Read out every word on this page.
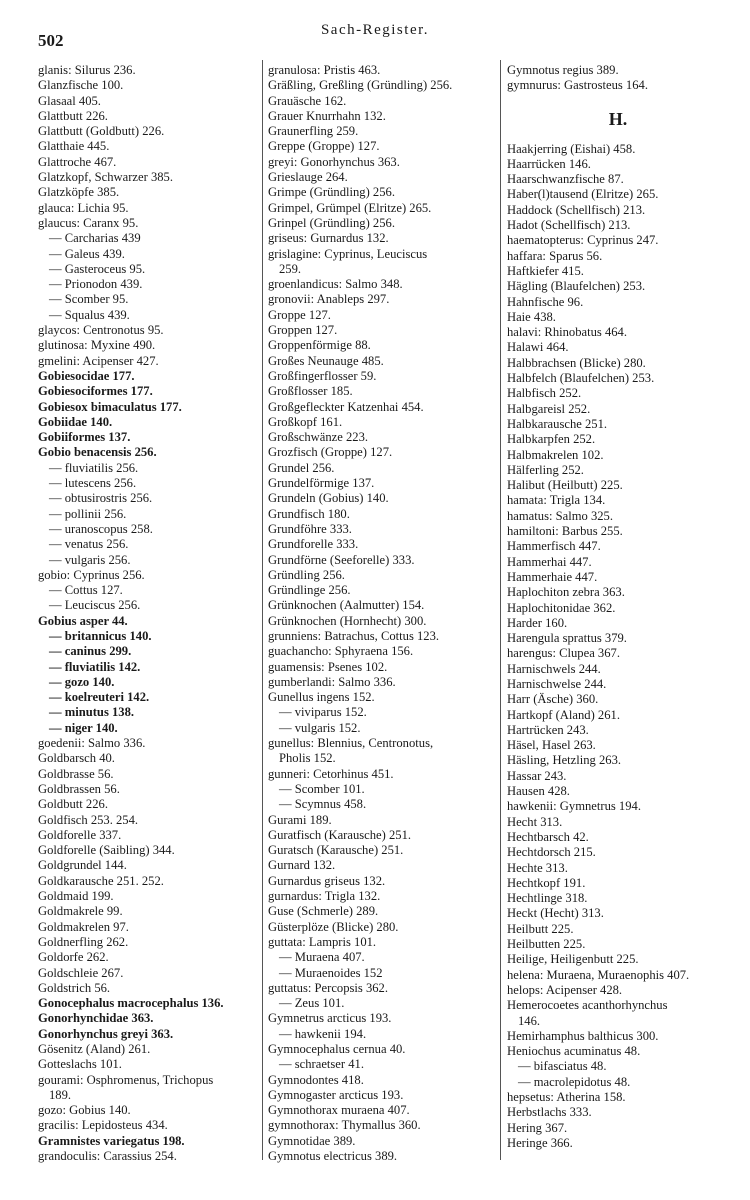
502
Sach-Register.
glanis: Silurus 236.
Glanzfische 100.
Glasaal 405.
Glattbutt 226.
Glattbutt (Goldbutt) 226.
Glatthaie 445.
Glattroche 467.
Glatzkopf, Schwarzer 385.
Glatzköpfe 385.
glauca: Lichia 95.
glaucus: Caranx 95.
— Carcharias 439
— Galeus 439.
— Gasteroceus 95.
— Prionodon 439.
— Scomber 95.
— Squalus 439.
glaycos: Centronotus 95.
glutinosa: Myxine 490.
gmelini: Acipenser 427.
Gobiesocidae 177.
Gobiesociformes 177.
Gobiesox bimaculatus 177.
Gobiidae 140.
Gobiiformes 137.
Gobio benacensis 256.
— fluviatilis 256.
— lutescens 256.
— obtusirostris 256.
— pollinii 256.
— uranoscopus 258.
— venatus 256.
— vulgaris 256.
gobio: Cyprinus 256.
— Cottus 127.
— Leuciscus 256.
Gobius asper 44.
— britannicus 140.
— caninus 299.
— fluviatilis 142.
— gozo 140.
— koelreuteri 142.
— minutus 138.
— niger 140.
goedenii: Salmo 336.
Goldbarsch 40.
Goldbrasse 56.
Goldbrassen 56.
Goldbutt 226.
Goldfisch 253. 254.
Goldforelle 337.
Goldforelle (Saibling) 344.
Goldgrundel 144.
Goldkarausche 251. 252.
Goldmaid 199.
Goldmakrele 99.
Goldmakrelen 97.
Goldnerfling 262.
Goldorfe 262.
Goldschleie 267.
Goldstrich 56.
Gonocephalus macrocephalus 136.
Gonorhynchidae 363.
Gonorhynchus greyi 363.
Gösenitz (Aland) 261.
Gotteslachs 101.
gourami: Osphromenus, Trichopus
189.
gozo: Gobius 140.
gracilis: Lepidosteus 434.
Gramnistes variegatus 198.
grandoculis: Carassius 254.
granulosa: Pristis 463.
Gräßling, Greßling (Gründling) 256.
Grauäsche 162.
Grauer Knurrhahn 132.
Graunerfling 259.
Greppe (Groppe) 127.
greyi: Gonorhynchus 363.
Grieslauge 264.
Grimpe (Gründling) 256.
Grimpel, Grümpel (Elritze) 265.
Grinpel (Gründling) 256.
griseus: Gurnardus 132.
grislagine: Cyprinus, Leuciscus
259.
groenlandicus: Salmo 348.
gronovii: Anableps 297.
Groppe 127.
Groppen 127.
Groppenförmige 88.
Großes Neunauge 485.
Großfingerflosser 59.
Großflosser 185.
Großgefleckter Katzenhai 454.
Großkopf 161.
Großschwänze 223.
Grozfisch (Groppe) 127.
Grundel 256.
Grundelförmige 137.
Grundeln (Gobius) 140.
Grundfisch 180.
Grundföhre 333.
Grundforelle 333.
Grundförne (Seeforelle) 333.
Gründling 256.
Gründlinge 256.
Grünknochen (Aalmutter) 154.
Grünknochen (Hornhecht) 300.
grunniens: Batrachus, Cottus 123.
guachancho: Sphyraena 156.
guamensis: Psenes 102.
gumberlandi: Salmo 336.
Gunellus ingens 152.
— viviparus 152.
— vulgaris 152.
gunellus: Blennius, Centronotus,
Pholis 152.
gunneri: Cetorhinus 451.
— Scomber 101.
— Scymnus 458.
Gurami 189.
Guratfisch (Karausche) 251.
Guratsch (Karausche) 251.
Gurnard 132.
Gurnardus griseus 132.
gurnardus: Trigla 132.
Guse (Schmerle) 289.
Güsterplöze (Blicke) 280.
guttata: Lampris 101.
— Muraena 407.
— Muraenoides 152
guttatus: Percopsis 362.
— Zeus 101.
Gymnetrus arcticus 193.
— hawkenii 194.
Gymnocephalus cernua 40.
— schraetser 41.
Gymnodontes 418.
Gymnogaster arcticus 193.
Gymnothorax muraena 407.
gymnothorax: Thymallus 360.
Gymnotidae 389.
Gymnotus electricus 389.
Gymnotus regius 389.
gymnurus: Gastrosteus 164.
H.
Haakjerring (Eishai) 458.
Haarrücken 146.
Haarschwanzfische 87.
Haber(l)tausend (Elritze) 265.
Haddock (Schellfisch) 213.
Hadot (Schellfisch) 213.
haematopterus: Cyprinus 247.
haffara: Sparus 56.
Haftkiefer 415.
Hägling (Blaufelchen) 253.
Hahnfische 96.
Haie 438.
halavi: Rhinobatus 464.
Halawi 464.
Halbbrachsen (Blicke) 280.
Halbfelch (Blaufelchen) 253.
Halbfisch 252.
Halbgareisl 252.
Halbkarausche 251.
Halbkarpfen 252.
Halbmakrelen 102.
Hälferling 252.
Halibut (Heilbutt) 225.
hamata: Trigla 134.
hamatus: Salmo 325.
hamiltoni: Barbus 255.
Hammerfisch 447.
Hammerhai 447.
Hammerhaie 447.
Haplochiton zebra 363.
Haplochitonidae 362.
Harder 160.
Harengula sprattus 379.
harengus: Clupea 367.
Harnischwels 244.
Harnischwelse 244.
Harr (Äsche) 360.
Hartkopf (Aland) 261.
Hartrücken 243.
Häsel, Hasel 263.
Häsling, Hetzling 263.
Hassar 243.
Hausen 428.
hawkenii: Gymnetrus 194.
Hecht 313.
Hechtbarsch 42.
Hechtdorsch 215.
Hechte 313.
Hechtkopf 191.
Hechtlinge 318.
Heckt (Hecht) 313.
Heilbutt 225.
Heilbutten 225.
Heilige, Heiligenbutt 225.
helena: Muraena, Muraenophis 407.
helops: Acipenser 428.
Hemerocoetes acanthorhynchus
146.
Hemirhamphus balthicus 300.
Heniochus acuminatus 48.
— bifasciatus 48.
— macrolepidotus 48.
hepsetus: Atherina 158.
Herbstlachs 333.
Hering 367.
Heringe 366.
